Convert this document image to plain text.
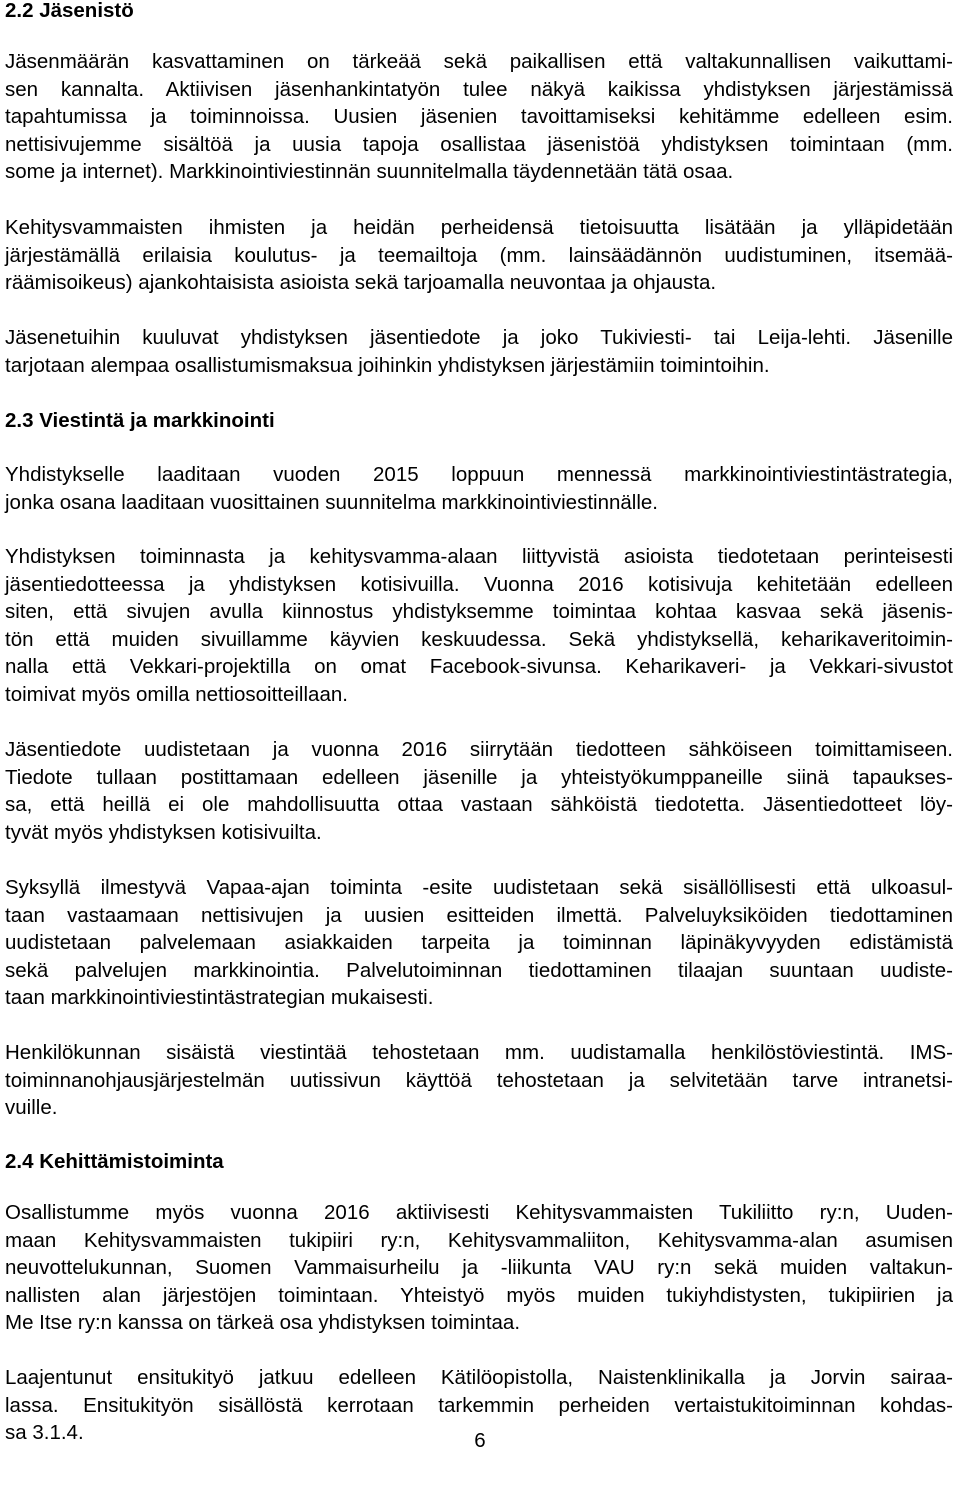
2.2 Jäsenistö

Jäsenmäärän kasvattaminen on tärkeää sekä paikallisen että valtakunnallisen vaikuttami-
sen kannalta. Aktiivisen jäsenhankintatyön tulee näkyä kaikissa yhdistyksen järjestämissä
tapahtumissa ja toiminnoissa. Uusien jäsenien tavoittamiseksi kehitämme edelleen esim.
nettisivujemme sisältöä ja uusia tapoja osallistaa jäsenistöä yhdistyksen toimintaan (mm.
some ja internet). Markkinointiviestinnän suunnitelmalla täydennetään tätä osaa.

Kehitysvammaisten ihmisten ja heidän perheidensä tietoisuutta lisätään ja ylläpidetään
järjestämällä erilaisia koulutus- ja teemailtoja (mm. lainsäädännön uudistuminen, itsemää-
räämisoikeus) ajankohtaisista asioista sekä tarjoamalla neuvontaa ja ohjausta.

Jäsenetuihin kuuluvat yhdistyksen jäsentiedote ja joko Tukiviesti- tai Leija-lehti. Jäsenille
tarjotaan alempaa osallistumismaksua joihinkin yhdistyksen järjestämiin toimintoihin.

2.3 Viestintä ja markkinointi

Yhdistykselle laaditaan vuoden 2015 loppuun mennessä markkinointiviestintästrategia,
jonka osana laaditaan vuosittainen suunnitelma markkinointiviestinnälle.

Yhdistyksen toiminnasta ja kehitysvamma-alaan liittyvistä asioista tiedotetaan perinteisesti
jäsentiedotteessa ja yhdistyksen kotisivuilla. Vuonna 2016 kotisivuja kehitetään edelleen
siten, että sivujen avulla kiinnostus yhdistyksemme toimintaa kohtaa kasvaa sekä jäsenis-
tön että muiden sivuillamme käyvien keskuudessa. Sekä yhdistyksellä, keharikaveritoimin-
nalla että Vekkari-projektilla on omat Facebook-sivunsa. Keharikaveri- ja Vekkari-sivustot
toimivat myös omilla nettiosoitteillaan.

Jäsentiedote uudistetaan ja vuonna 2016 siirrytään tiedotteen sähköiseen toimittamiseen.
Tiedote tullaan postittamaan edelleen jäsenille ja yhteistyökumppaneille siinä tapaukses-
sa, että heillä ei ole mahdollisuutta ottaa vastaan sähköistä tiedotetta. Jäsentiedotteet löy-
tyvät myös yhdistyksen kotisivuilta.

Syksyllä ilmestyvä Vapaa-ajan toiminta -esite uudistetaan sekä sisällöllisesti että ulkoasul-
taan vastaamaan nettisivujen ja uusien esitteiden ilmettä. Palveluyksiköiden tiedottaminen
uudistetaan palvelemaan asiakkaiden tarpeita ja toiminnan läpinäkyvyyden edistämistä
sekä palvelujen markkinointia. Palvelutoiminnan tiedottaminen tilaajan suuntaan uudiste-
taan markkinointiviestintästrategian mukaisesti.

Henkilökunnan sisäistä viestintää tehostetaan mm. uudistamalla henkilöstöviestintä. IMS-
toiminnanohjausjärjestelmän uutissivun käyttöä tehostetaan ja selvitetään tarve intranetsi-
vuille.

2.4 Kehittämistoiminta

Osallistumme myös vuonna 2016 aktiivisesti Kehitysvammaisten Tukiliitto ry:n, Uuden-
maan Kehitysvammaisten tukipiiri ry:n, Kehitysvammaliiton, Kehitysvamma-alan asumisen
neuvottelukunnan, Suomen Vammaisurheilu ja -liikunta VAU ry:n sekä muiden valtakun-
nallisten alan järjestöjen toimintaan. Yhteistyö myös muiden tukiyhdistysten, tukipiirien ja
Me Itse ry:n kanssa on tärkeä osa yhdistyksen toimintaa.

Laajentunut ensitukityö jatkuu edelleen Kätilöopistolla, Naistenklinikalla ja Jorvin sairaa-
lassa. Ensitukityön sisällöstä kerrotaan tarkemmin perheiden vertaistukitoiminnan kohdas-
sa 3.1.4.	6
